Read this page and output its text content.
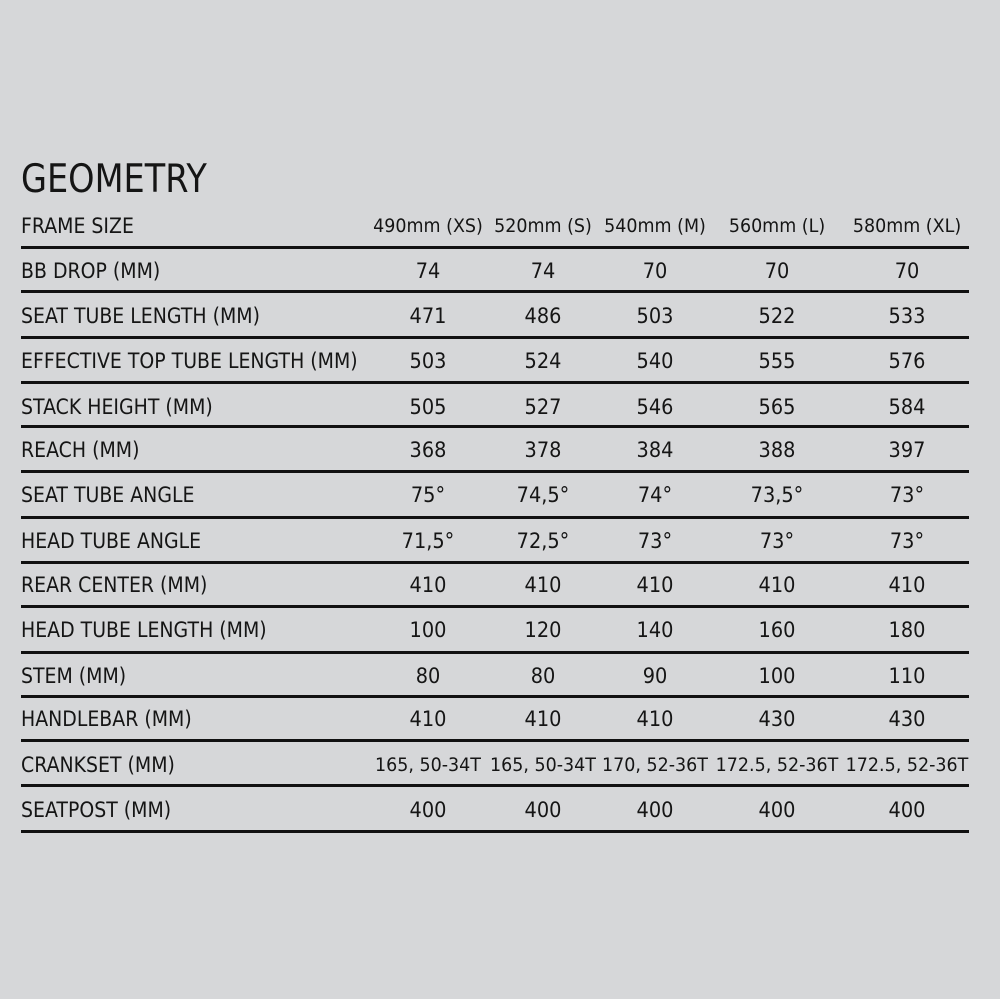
GEOMETRY
FRAME SIZE	490mm (XS) 520mm (S) 540mm (M) 560mm (L) 580mm (XL)
BB DROP (MM)	74	74	70	70	70
SEAT TUBE LENGTH (MM)	471	486	503	522	533
EFFECTIVE TOP TUBE LENGTH (MM) 503	524	540	555	576
STACK HEIGHT (MM)	505	527	546	565	584
REACH (MM)	368	378	384	388	397
SEAT TUBE ANGLE	75°	74,5°	74°	73,5°	73°
HEAD TUBE ANGLE	71,5°	72,5°	73°	73°	73°
REAR CENTER (MM)	410	410	410	410	410
HEAD TUBE LENGTH (MM)	100	120	140	160	180
STEM (MM)	80	80	90	100	110
HANDLEBAR (MM)	410	410	410	430	430
CRANKSET (MM)	165, 50-34T 165, 50-34T 170, 52-36T 172.5, 52-36T 172.5, 52-36T
SEATPOST (MM)	400	400	400	400	400
